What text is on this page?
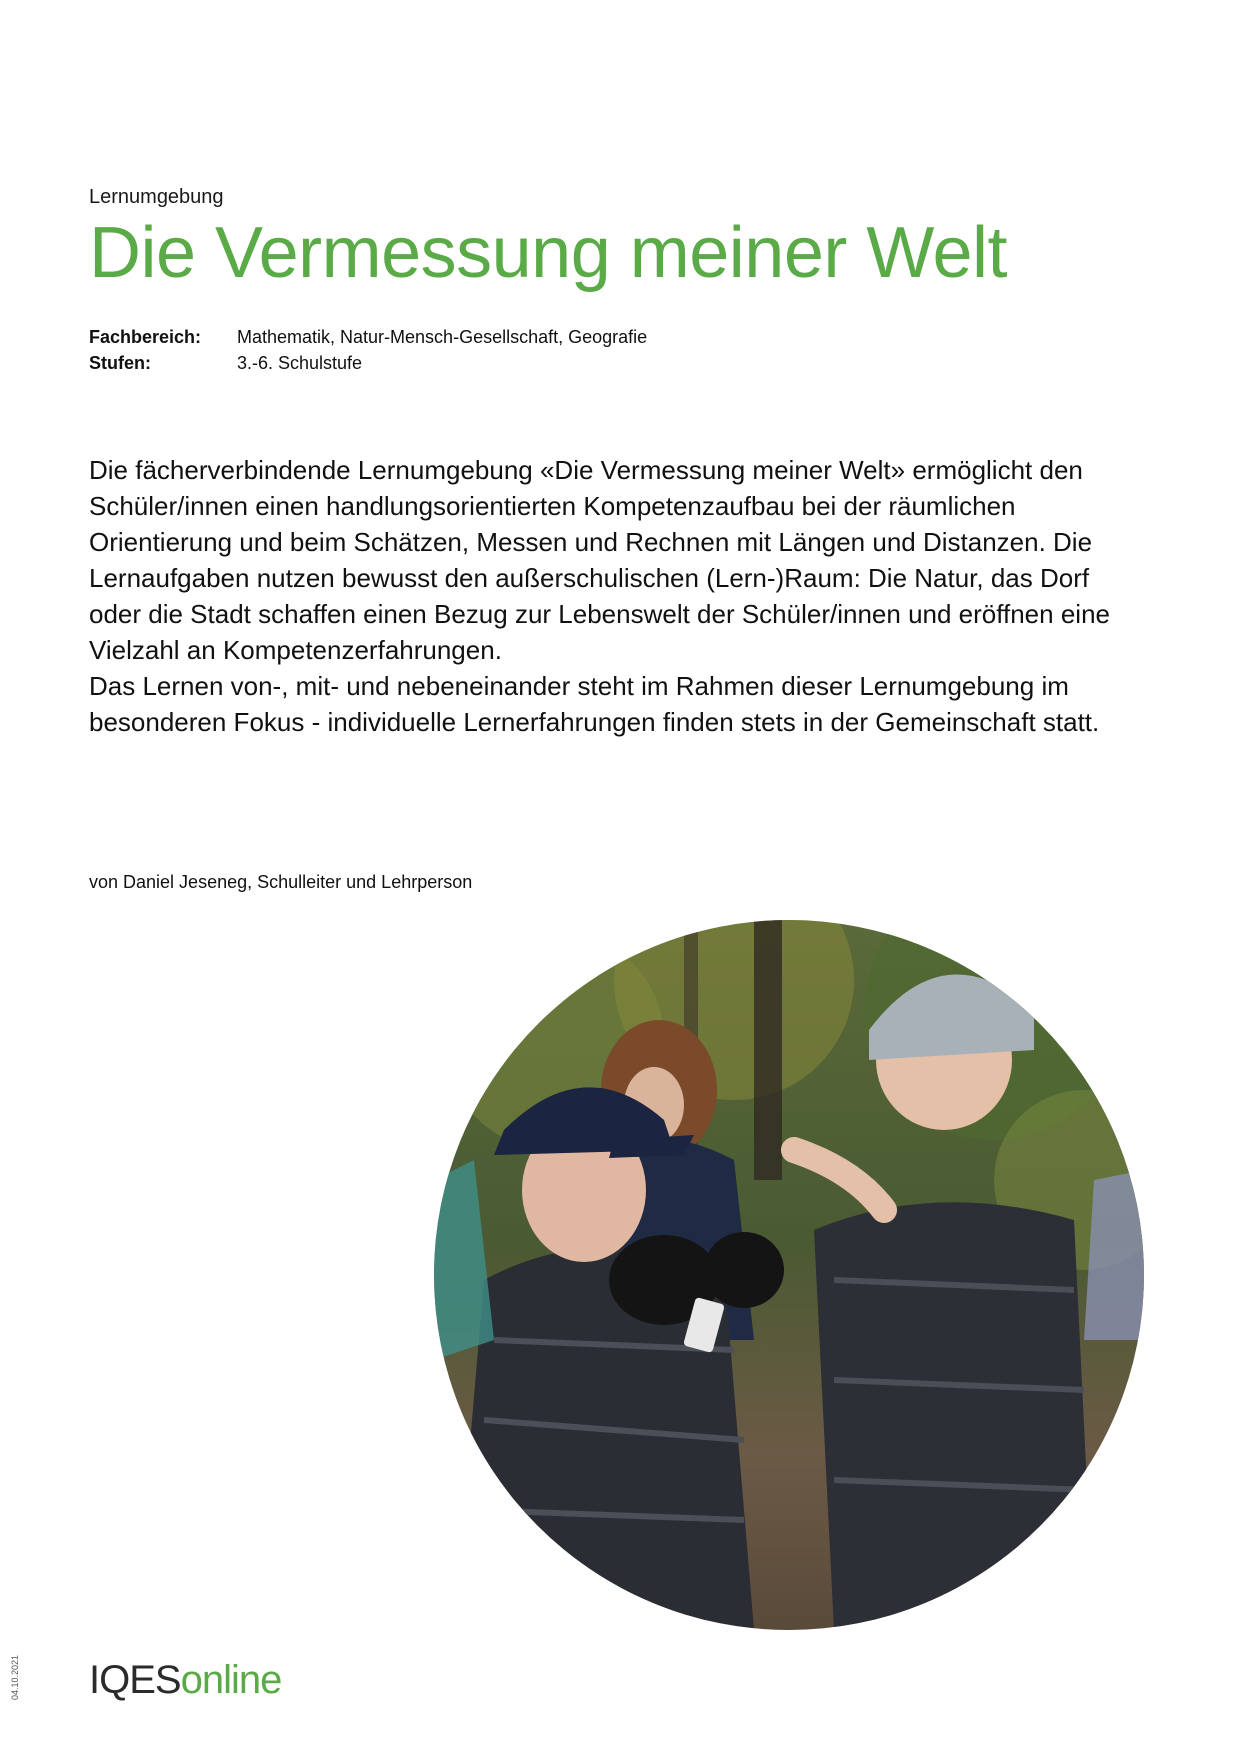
Lernumgebung
Die Vermessung meiner Welt
Fachbereich:	Mathematik, Natur-Mensch-Gesellschaft, Geografie
Stufen:	3.-6. Schulstufe

Die fächerverbindende Lernumgebung «Die Vermessung meiner Welt» ermöglicht den Schüler/innen einen handlungsorientierten Kompetenzaufbau bei der räumlichen Orientierung und beim Schätzen, Messen und Rechnen mit Längen und Distanzen. Die Lernaufgaben nutzen bewusst den außerschulischen (Lern-)Raum: Die Natur, das Dorf oder die Stadt schaffen einen Bezug zur Lebenswelt der Schüler/innen und eröffnen eine Vielzahl an Kompetenzerfahrungen.

Das Lernen von-, mit- und nebeneinander steht im Rahmen dieser Lernumgebung im besonderen Fokus - individuelle Lernerfahrungen finden stets in der Gemeinschaft statt.

von Daniel Jeseneg, Schulleiter und Lehrperson
IQESonline
04.10.2021
